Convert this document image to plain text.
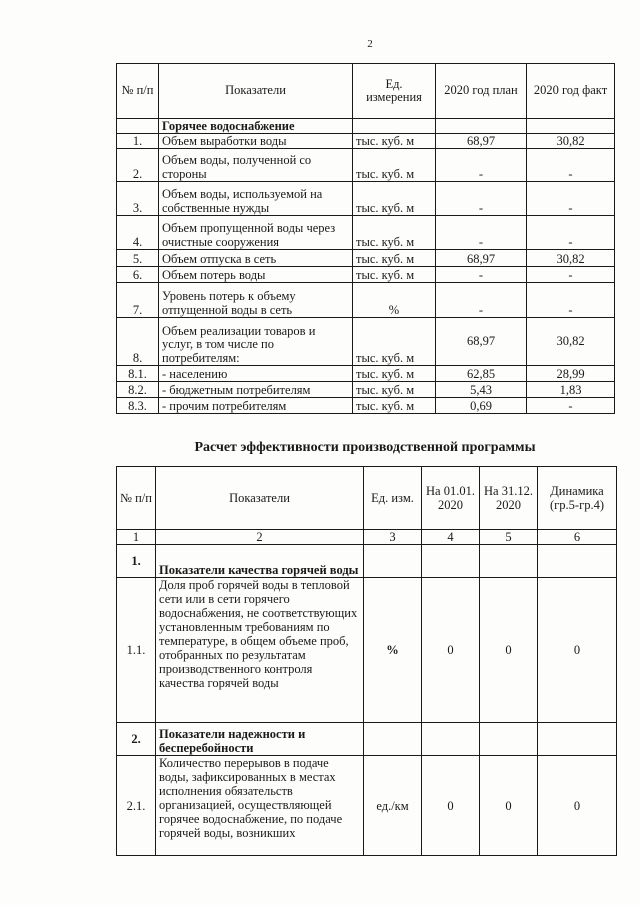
2
№ п/п	Показатели	Ед. измерения	2020 год план	2020 год факт
	Горячее водоснабжение			
1.	Объем выработки воды	тыс. куб. м	68,97	30,82
2.	Объем воды, полученной со стороны	тыс. куб. м	-	-
3.	Объем воды, используемой на собственные нужды	тыс. куб. м	-	-
4.	Объем пропущенной воды через очистные сооружения	тыс. куб. м	-	-
5.	Объем отпуска в сеть	тыс. куб. м	68,97	30,82
6.	Объем потерь воды	тыс. куб. м	-	-
7.	Уровень потерь к объему отпущенной воды в сеть	%	-	-
8.	Объем реализации товаров и услуг, в том числе по потребителям:	тыс. куб. м	68,97	30,82
8.1.	- населению	тыс. куб. м	62,85	28,99
8.2.	- бюджетным потребителям	тыс. куб. м	5,43	1,83
8.3.	- прочим потребителям	тыс. куб. м	0,69	-
Расчет эффективности производственной программы
№ п/п	Показатели	Ед. изм.	На 01.01. 2020	На 31.12. 2020	Динамика (гр.5-гр.4)
1	2	3	4	5	6
1.	Показатели качества горячей воды				
1.1.	Доля проб горячей воды в тепловой сети или в сети горячего водоснабжения, не соответствующих установленным требованиям по температуре, в общем объеме проб, отобранных по результатам производственного контроля качества горячей воды	%	0	0	0
2.	Показатели надежности и бесперебойности				
2.1.	Количество перерывов в подаче воды, зафиксированных в местах исполнения обязательств организацией, осуществляющей горячее водоснабжение, по подаче горячей воды, возникших	ед./км	0	0	0
